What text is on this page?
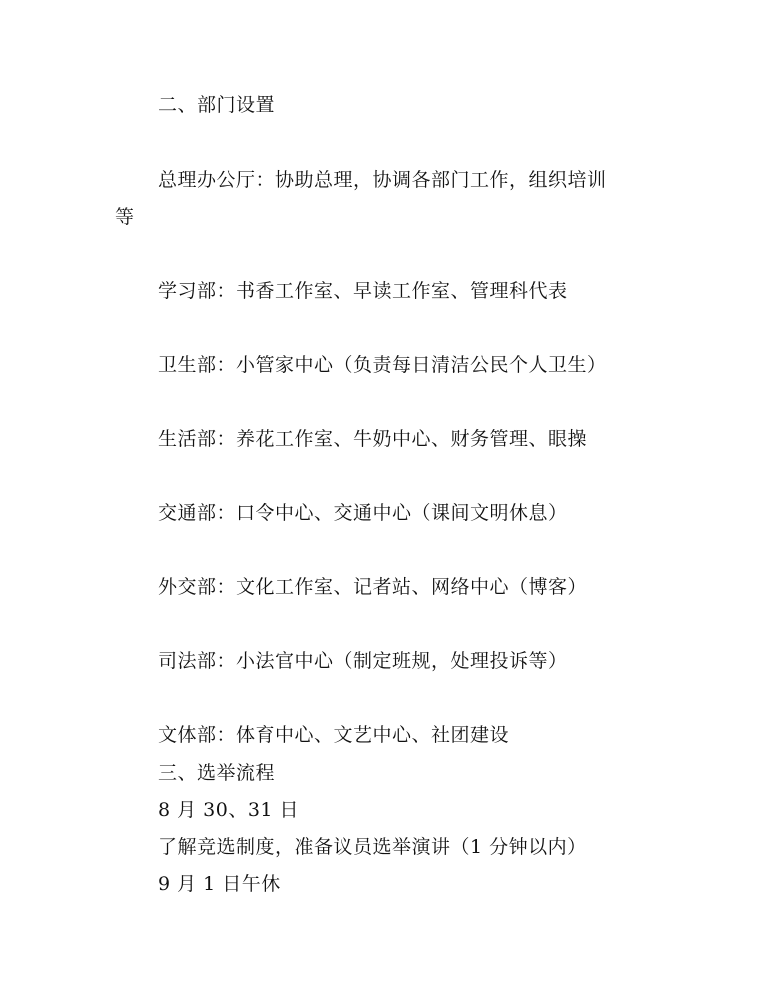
二、部门设置
总理办公厅：协助总理，协调各部门工作，组织培训
等
学习部：书香工作室、早读工作室、管理科代表
卫生部：小管家中心（负责每日清洁公民个人卫生）
生活部：养花工作室、牛奶中心、财务管理、眼操
交通部：口令中心、交通中心（课间文明休息）
外交部：文化工作室、记者站、网络中心（博客）
司法部：小法官中心（制定班规，处理投诉等）
文体部：体育中心、文艺中心、社团建设
三、选举流程
8 月 30、31 日
了解竞选制度，准备议员选举演讲（1 分钟以内）
9 月 1 日午休
